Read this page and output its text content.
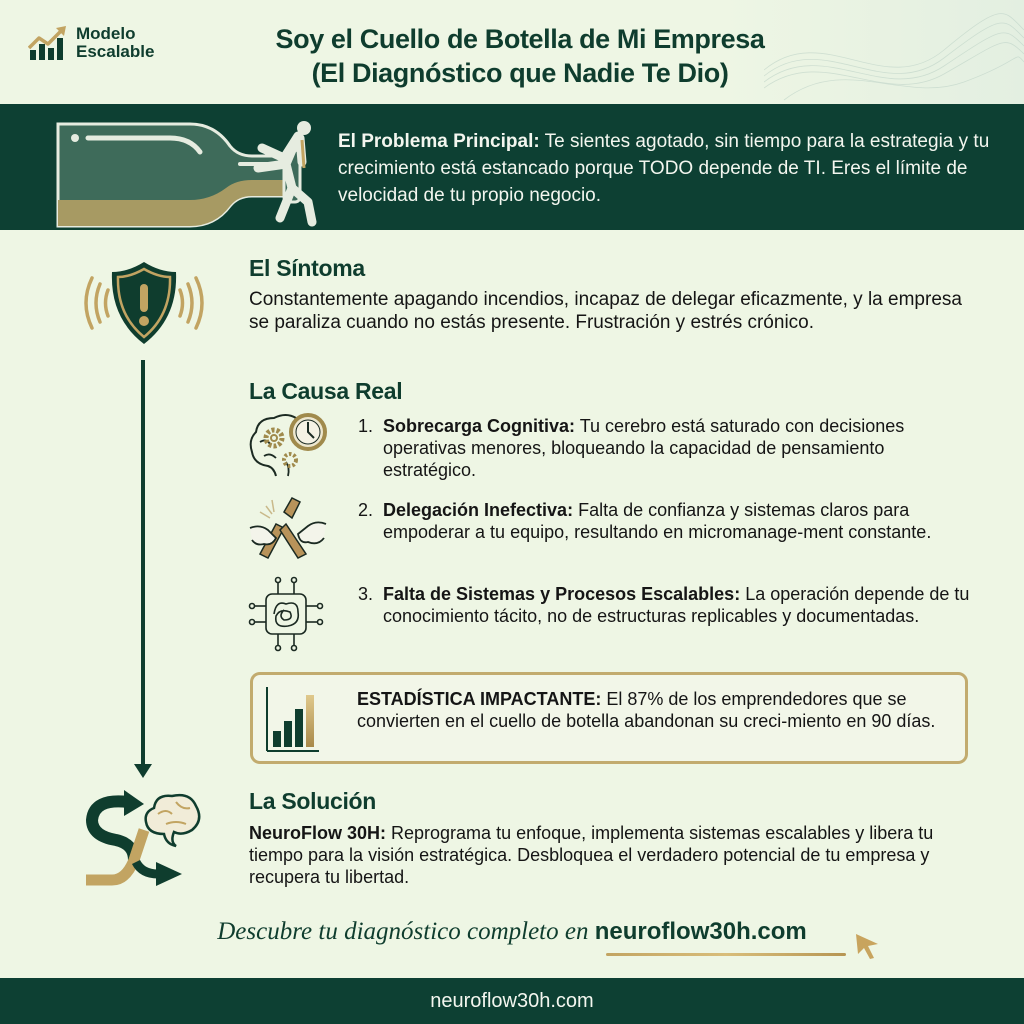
Modelo
Escalable	Soy el Cuello de Botella de Mi Empresa
(El Diagnóstico que Nadie Te Dio)
El Problema Principal: Te sientes agotado, sin tiempo para la estrategia y tu crecimiento está estancado porque TODO depende de TI. Eres el límite de velocidad de tu propio negocio.
El Síntoma
Constantemente apagando incendios, incapaz de delegar eficazmente, y la empresa se paraliza cuando no estás presente. Frustración y estrés crónico.
La Causa Real
1. Sobrecarga Cognitiva: Tu cerebro está saturado con decisiones operativas menores, bloqueando la capacidad de pensamiento estratégico.
2. Delegación Inefectiva: Falta de confianza y sistemas claros para empoderar a tu equipo, resultando en micromanage-ment constante.
3. Falta de Sistemas y Procesos Escalables: La operación depende de tu conocimiento tácito, no de estructuras replicables y documentadas.
ESTADÍSTICA IMPACTANTE: El 87% de los emprendedores que se convierten en el cuello de botella abandonan su creci-miento en 90 días.
La Solución
NeuroFlow 30H: Reprograma tu enfoque, implementa sistemas escalables y libera tu tiempo para la visión estratégica. Desbloquea el verdadero potencial de tu empresa y recupera tu libertad.
Descubre tu diagnóstico completo en neuroflow30h.com
neuroflow30h.com
